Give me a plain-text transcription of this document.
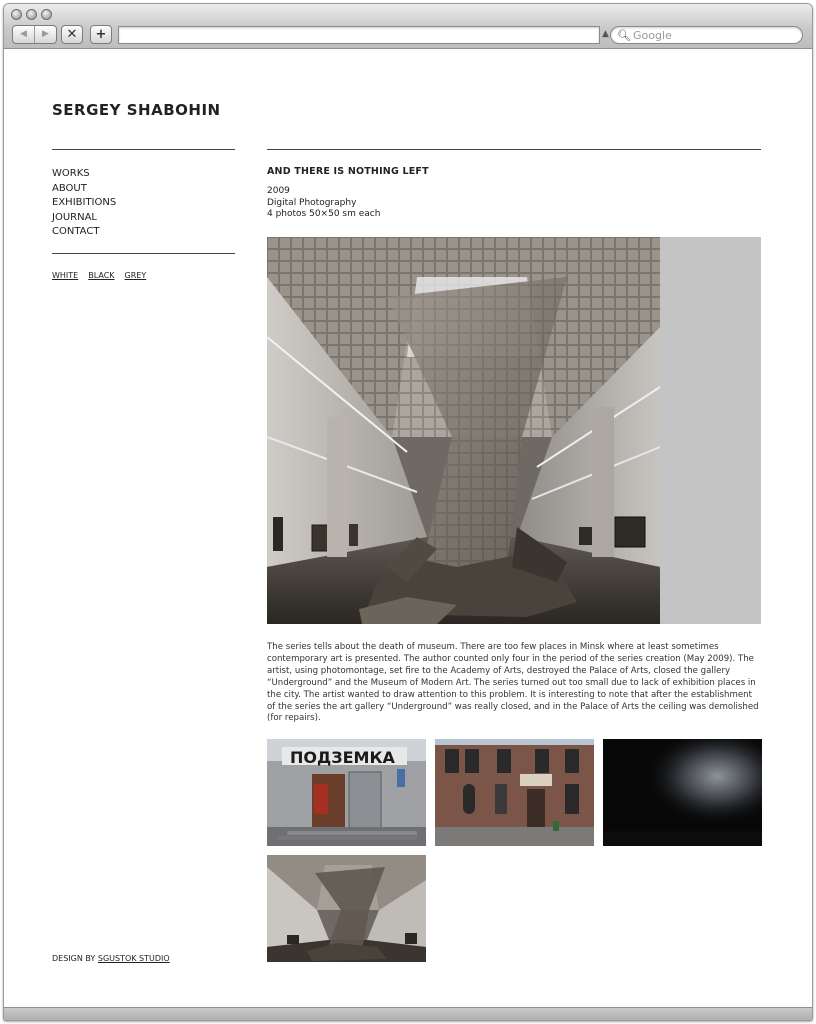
◀ ▶ ✕ +	▲ 🔍︎
Google
SERGEY SHABOHIN
WORKS
ABOUT
EXHIBITIONS
JOURNAL
CONTACT
WHITE BLACK GREY
DESIGN BY SGUSTOK STUDIO
AND THERE IS NOTHING LEFT
2009
Digital Photography
4 photos 50×50 sm each

The series tells about the death of museum. There are too few places in Minsk where at least sometimes contemporary art is presented. The author counted only four in the period of the series creation (May 2009). The artist, using photomontage, set fire to the Academy of Arts, destroyed the Palace of Arts, closed the gallery “Underground” and the Museum of Modern Art. The series turned out too small due to lack of exhibition places in the city. The artist wanted to draw attention to this problem. It is interesting to note that after the establishment of the series the art gallery “Underground” was really closed, and in the Palace of Arts the ceiling was demolished (for repairs).

ПОДЗЕМКА
